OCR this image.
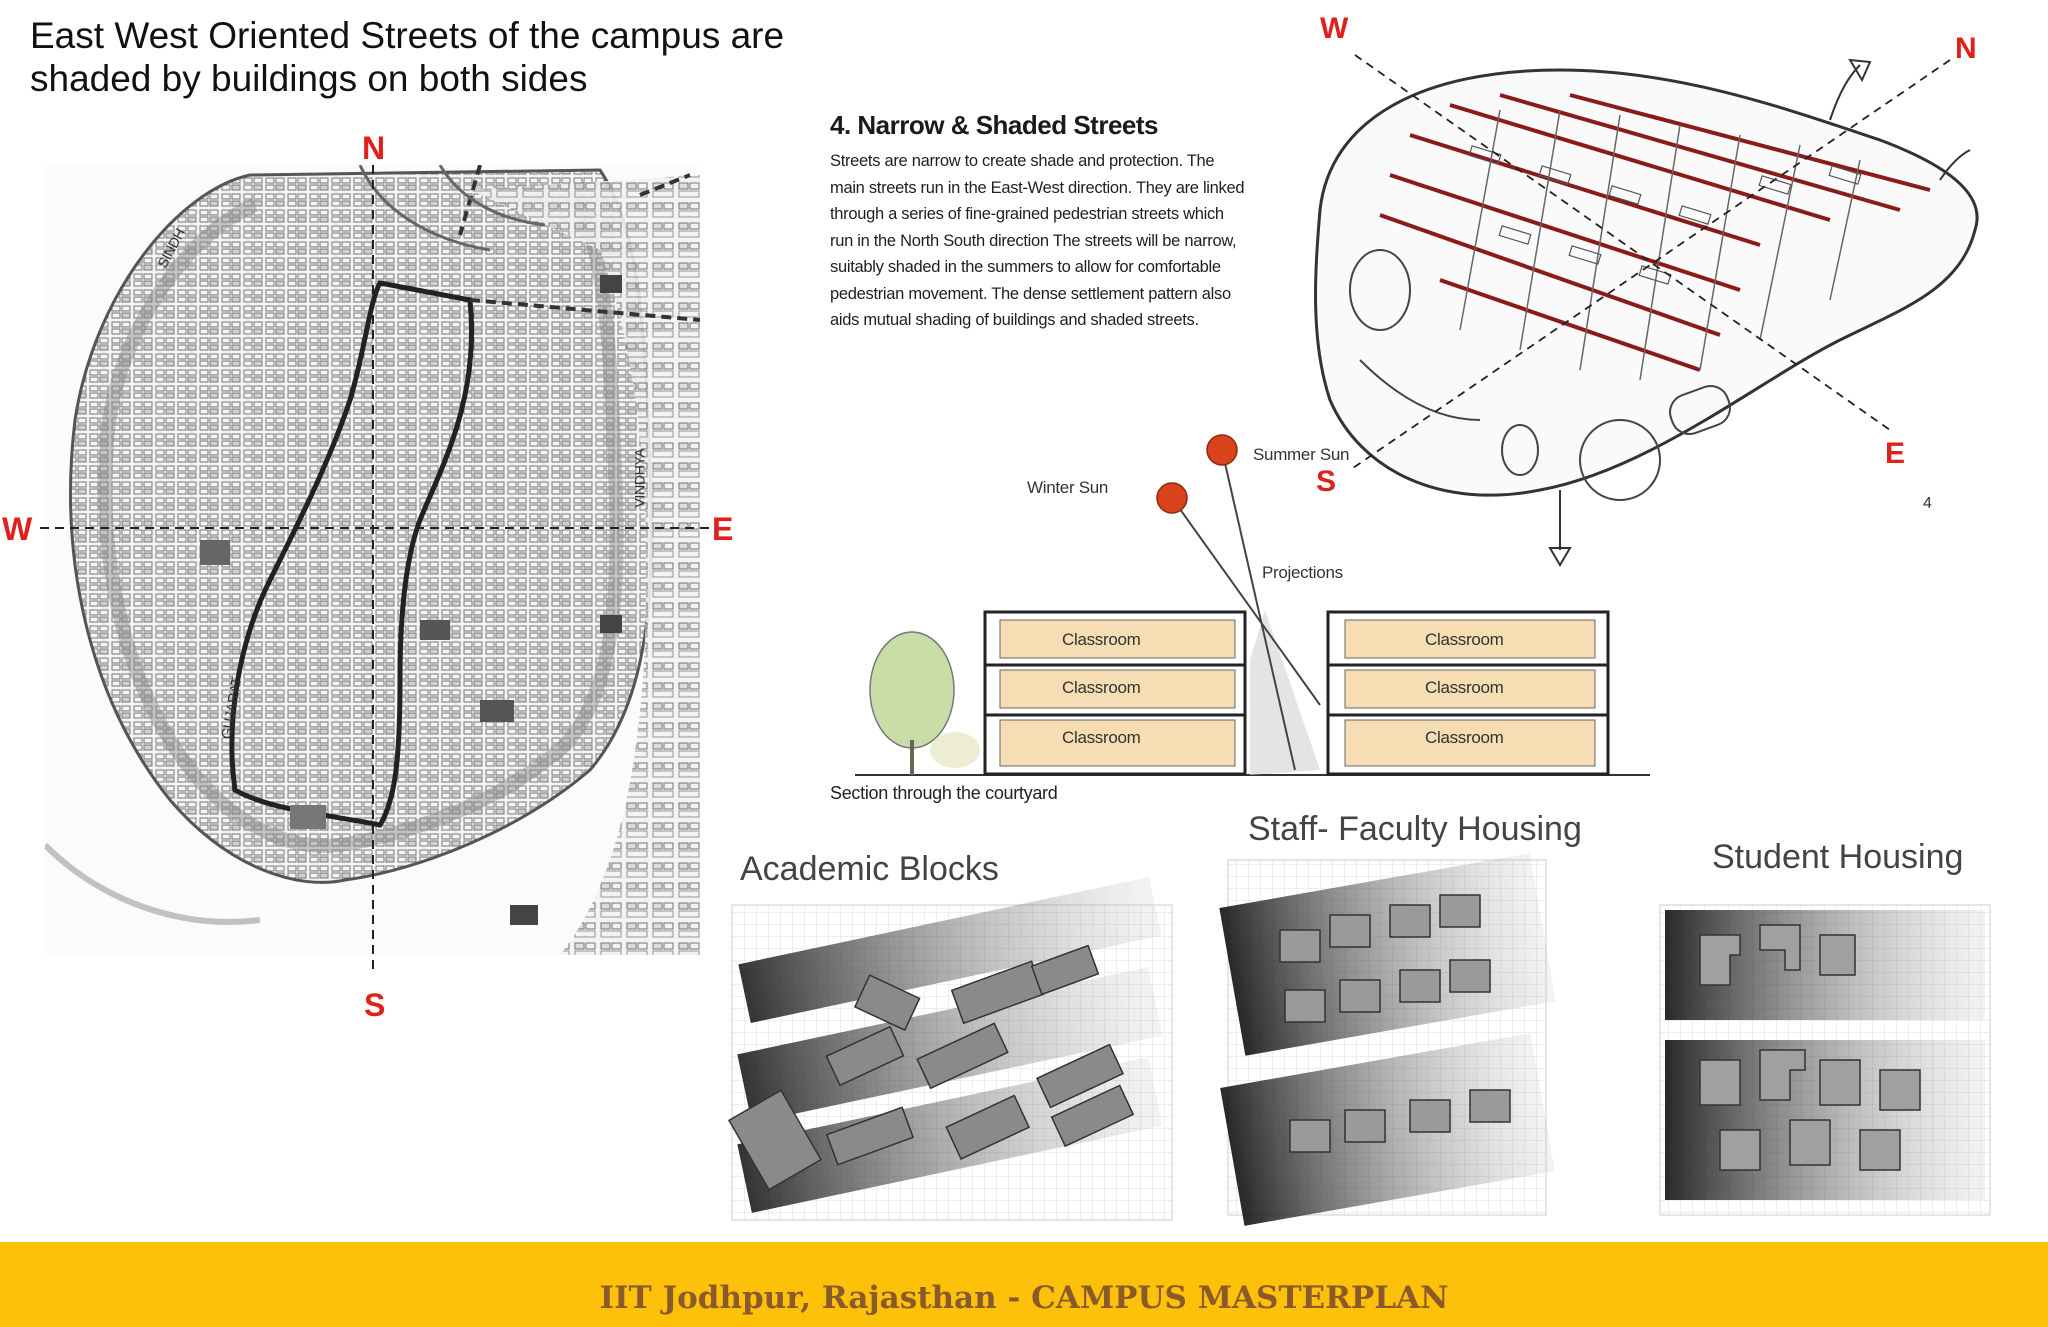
East West Oriented Streets of the campus are shaded by buildings on both sides
SINDH
VINDHYA
GUJARAT
N
S
E
W
4. Narrow & Shaded Streets
Streets are narrow to create shade and protection. The main streets run in the East-West direction. They are linked through a series of fine-grained pedestrian streets which run in the North South direction The streets will be narrow, suitably shaded in the summers to allow for comfortable pedestrian movement. The dense settlement pattern also aids mutual shading of buildings and shaded streets.
W
N
E
S
4
Summer Sun
Winter Sun
Projections
Classroom
Classroom
Classroom
Classroom
Classroom
Classroom
Section through the courtyard
Academic Blocks
Staff- Faculty Housing
Student Housing
IIT Jodhpur, Rajasthan - CAMPUS MASTERPLAN
